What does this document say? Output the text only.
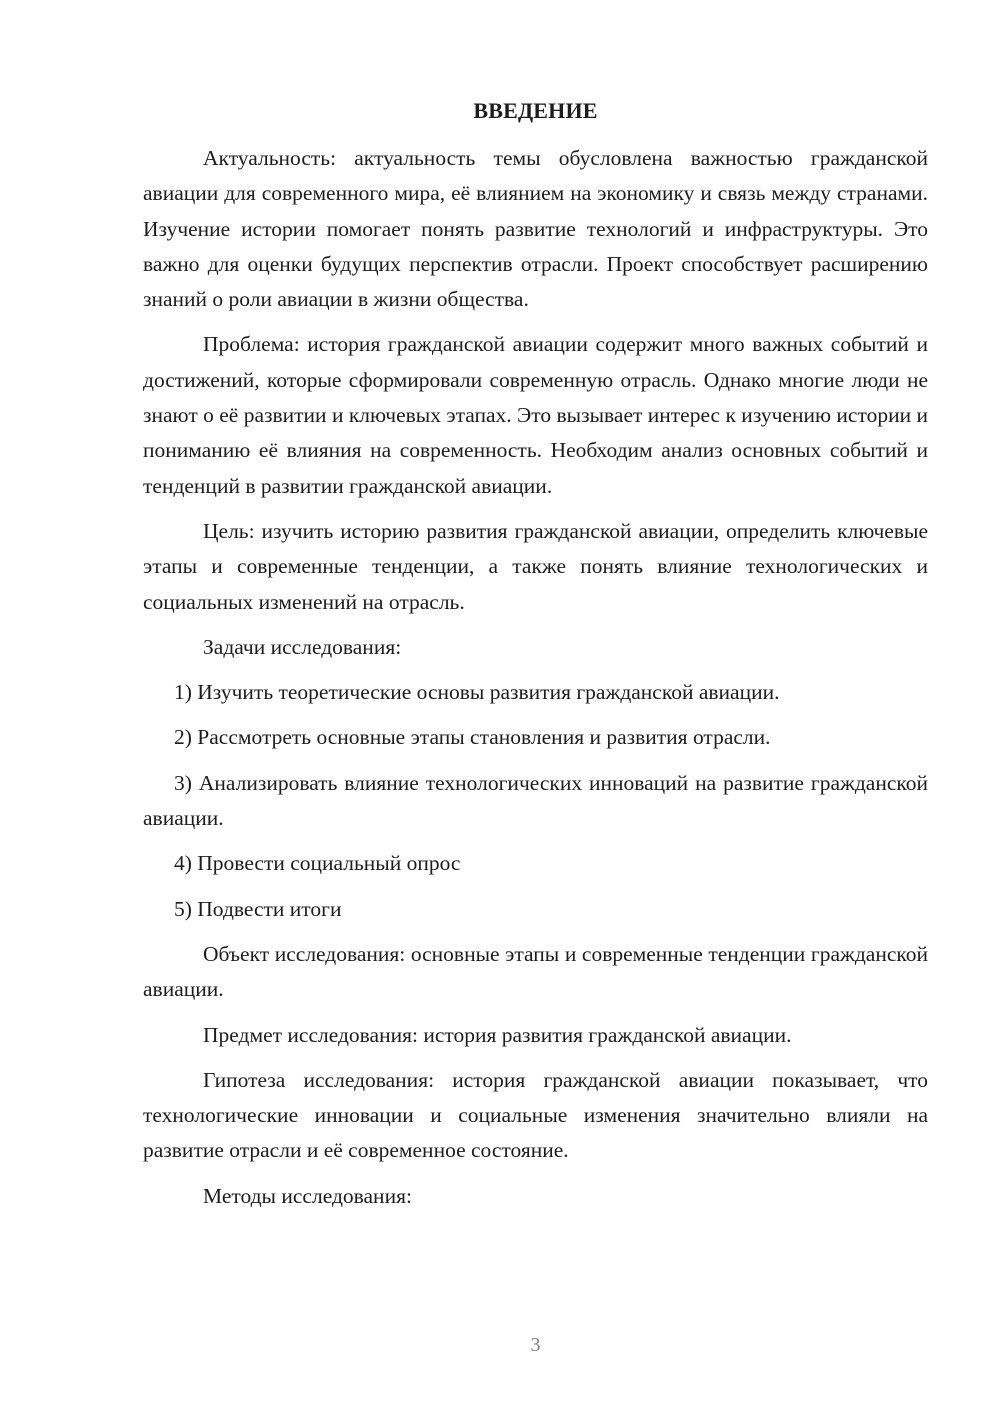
ВВЕДЕНИЕ

Актуальность: актуальность темы обусловлена важностью гражданской авиации для современного мира, её влиянием на экономику и связь между странами. Изучение истории помогает понять развитие технологий и инфраструктуры. Это важно для оценки будущих перспектив отрасли. Проект способствует расширению знаний о роли авиации в жизни общества.

Проблема: история гражданской авиации содержит много важных событий и достижений, которые сформировали современную отрасль. Однако многие люди не знают о её развитии и ключевых этапах. Это вызывает интерес к изучению истории и пониманию её влияния на современность. Необходим анализ основных событий и тенденций в развитии гражданской авиации.

Цель: изучить историю развития гражданской авиации, определить ключевые этапы и современные тенденции, а также понять влияние технологических и социальных изменений на отрасль.

Задачи исследования:

1) Изучить теоретические основы развития гражданской авиации.

2) Рассмотреть основные этапы становления и развития отрасли.

3) Анализировать влияние технологических инноваций на развитие гражданской авиации.

4) Провести социальный опрос

5) Подвести итоги

Объект исследования: основные этапы и современные тенденции гражданской авиации.

Предмет исследования: история развития гражданской авиации.

Гипотеза исследования: история гражданской авиации показывает, что технологические инновации и социальные изменения значительно влияли на развитие отрасли и её современное состояние.

Методы исследования:

3
